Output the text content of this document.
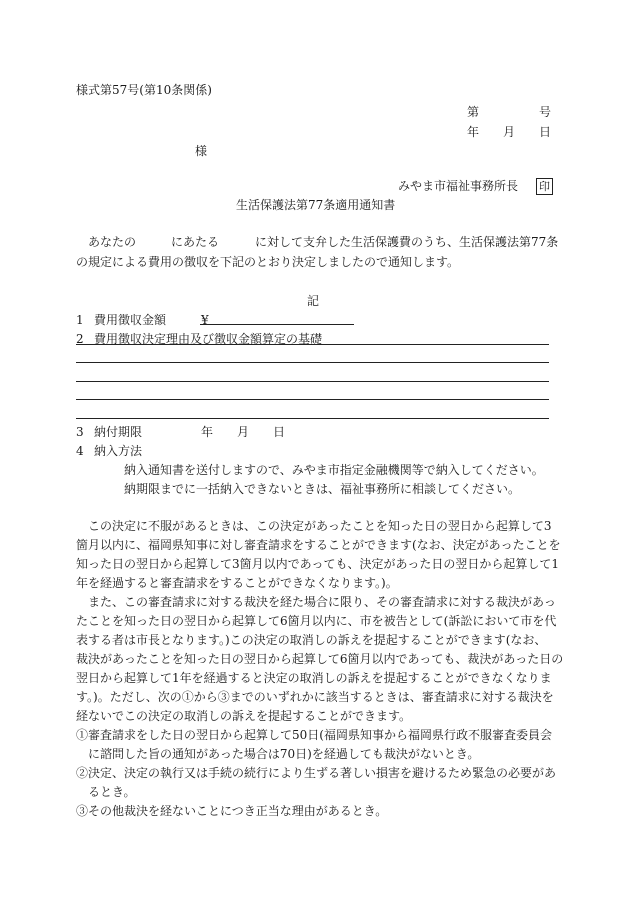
様式第57号(第10条関係)
第	号
年 月 日
様
みやま市福祉事務所長 印
生活保護法第77条適用通知書
あなたの	にあたる	に対して支弁した生活保護費のうち、生活保護法第77条
の規定による費用の徴収を下記のとおり決定しましたので通知します。
記
1 費用徴収金額	¥
2 費用徴収決定理由及び徴収金額算定の基礎
3 納付期限	年 月 日
4 納入方法
納入通知書を送付しますので、みやま市指定金融機関等で納入してください。
納期限までに一括納入できないときは、福祉事務所に相談してください。
この決定に不服があるときは、この決定があったことを知った日の翌日から起算して3
箇月以内に、福岡県知事に対し審査請求をすることができます(なお、決定があったことを
知った日の翌日から起算して3箇月以内であっても、決定があった日の翌日から起算して1
年を経過すると審査請求をすることができなくなります。)。
また、この審査請求に対する裁決を経た場合に限り、その審査請求に対する裁決があっ
たことを知った日の翌日から起算して6箇月以内に、市を被告として(訴訟において市を代
表する者は市長となります。)この決定の取消しの訴えを提起することができます(なお、
裁決があったことを知った日の翌日から起算して6箇月以内であっても、裁決があった日の
翌日から起算して1年を経過すると決定の取消しの訴えを提起することができなくなりま
す。)。ただし、次の①から③までのいずれかに該当するときは、審査請求に対する裁決を
経ないでこの決定の取消しの訴えを提起することができます。
①審査請求をした日の翌日から起算して50日(福岡県知事から福岡県行政不服審査委員会
に諮問した旨の通知があった場合は70日)を経過しても裁決がないとき。
②決定、決定の執行又は手続の続行により生ずる著しい損害を避けるため緊急の必要があ
るとき。
③その他裁決を経ないことにつき正当な理由があるとき。
